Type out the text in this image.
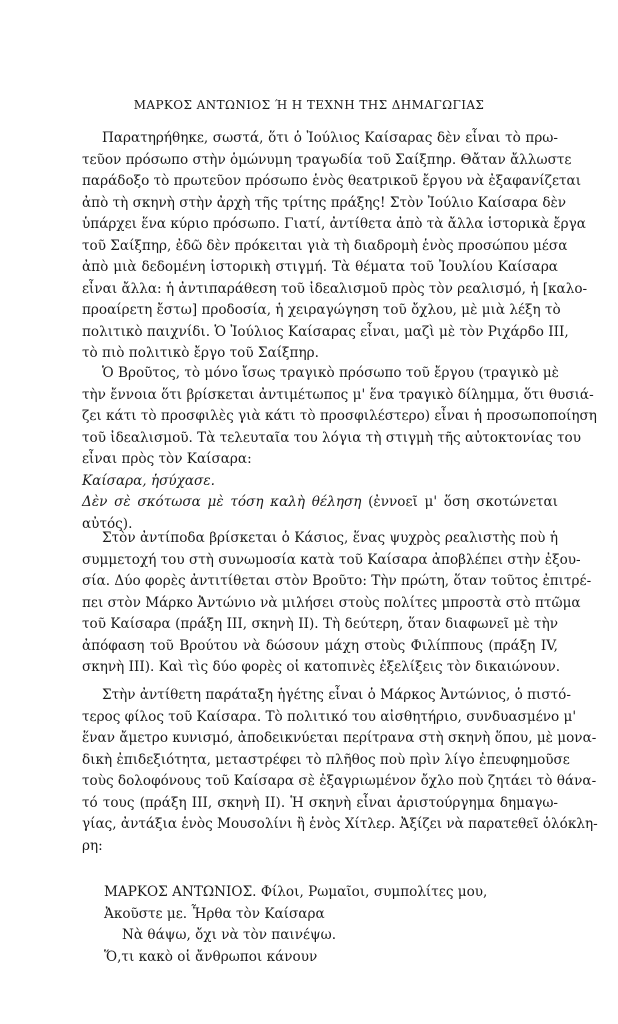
ΜΑΡΚΟΣ ΑΝΤΩΝΙΟΣ Ή Η ΤΕΧΝΗ ΤΗΣ ΔΗΜΑΓΩΓΙΑΣ
Παρατηρήθηκε, σωστά, ὅτι ὁ Ἰούλιος Καίσαρας δὲν εἶναι τὸ πρω-
τεῦον πρόσωπο στὴν ὁμώνυμη τραγωδία τοῦ Σαίξπηρ. Θἄταν ἄλλωστε
παράδοξο τὸ πρωτεῦον πρόσωπο ἑνὸς θεατρικοῦ ἔργου νὰ ἐξαφανίζεται
ἀπὸ τὴ σκηνὴ στὴν ἀρχὴ τῆς τρίτης πράξης! Στὸν Ἰούλιο Καίσαρα δὲν
ὑπάρχει ἕνα κύριο πρόσωπο. Γιατί, ἀντίθετα ἀπὸ τὰ ἄλλα ἱστορικὰ ἔργα
τοῦ Σαίξπηρ, ἐδῶ δὲν πρόκειται γιὰ τὴ διαδρομὴ ἑνὸς προσώπου μέσα
ἀπὸ μιὰ δεδομένη ἱστορικὴ στιγμή. Τὰ θέματα τοῦ Ἰουλίου Καίσαρα
εἶναι ἄλλα: ἡ ἀντιπαράθεση τοῦ ἰδεαλισμοῦ πρὸς τὸν ρεαλισμό, ἡ [καλο-
προαίρετη ἔστω] προδοσία, ἡ χειραγώγηση τοῦ ὄχλου, μὲ μιὰ λέξη τὸ
πολιτικὸ παιχνίδι. Ὁ Ἰούλιος Καίσαρας εἶναι, μαζὶ μὲ τὸν Ριχάρδο ΙΙΙ,
τὸ πιὸ πολιτικὸ ἔργο τοῦ Σαίξπηρ.
Ὁ Βροῦτος, τὸ μόνο ἴσως τραγικὸ πρόσωπο τοῦ ἔργου (τραγικὸ μὲ
τὴν ἔννοια ὅτι βρίσκεται ἀντιμέτωπος μ' ἕνα τραγικὸ δίλημμα, ὅτι θυσιά-
ζει κάτι τὸ προσφιλὲς γιὰ κάτι τὸ προσφιλέστερο) εἶναι ἡ προσωποποίηση
τοῦ ἰδεαλισμοῦ. Τὰ τελευταῖα του λόγια τὴ στιγμὴ τῆς αὐτοκτονίας του
εἶναι πρὸς τὸν Καίσαρα:
Καίσαρα, ἡσύχασε.
Δὲν σὲ σκότωσα μὲ τόση καλὴ θέληση (ἐννοεῖ μ' ὅση σκοτώνεται
αὐτός).
Στὸν ἀντίποδα βρίσκεται ὁ Κάσιος, ἕνας ψυχρὸς ρεαλιστὴς ποὺ ἡ
συμμετοχή του στὴ συνωμοσία κατὰ τοῦ Καίσαρα ἀποβλέπει στὴν ἐξου-
σία. Δύο φορὲς ἀντιτίθεται στὸν Βροῦτο: Τὴν πρώτη, ὅταν τοῦτος ἐπιτρέ-
πει στὸν Μάρκο Ἀντώνιο νὰ μιλήσει στοὺς πολίτες μπροστὰ στὸ πτῶμα
τοῦ Καίσαρα (πράξη ΙΙΙ, σκηνὴ ΙΙ). Τὴ δεύτερη, ὅταν διαφωνεῖ μὲ τὴν
ἀπόφαση τοῦ Βρούτου νὰ δώσουν μάχη στοὺς Φιλίππους (πράξη IV,
σκηνὴ III). Καὶ τὶς δύο φορὲς οἱ κατοπινὲς ἐξελίξεις τὸν δικαιώνουν.
Στὴν ἀντίθετη παράταξη ἡγέτης εἶναι ὁ Μάρκος Ἀντώνιος, ὁ πιστό-
τερος φίλος τοῦ Καίσαρα. Τὸ πολιτικό του αἰσθητήριο, συνδυασμένο μ'
ἕναν ἄμετρο κυνισμό, ἀποδεικνύεται περίτρανα στὴ σκηνὴ ὅπου, μὲ μονα-
δικὴ ἐπιδεξιότητα, μεταστρέφει τὸ πλῆθος ποὺ πρὶν λίγο ἐπευφημοῦσε
τοὺς δολοφόνους τοῦ Καίσαρα σὲ ἐξαγριωμένον ὄχλο ποὺ ζητάει τὸ θάνα-
τό τους (πράξη ΙΙΙ, σκηνὴ ΙΙ). Ἡ σκηνὴ εἶναι ἀριστούργημα δημαγω-
γίας, ἀντάξια ἑνὸς Μουσολίνι ἢ ἑνὸς Χίτλερ. Ἀξίζει νὰ παρατεθεῖ ὁλόκλη-
ρη:
ΜΑΡΚΟΣ ΑΝΤΩΝΙΟΣ. Φίλοι, Ρωμαῖοι, συμπολίτες μου,
Ἀκοῦστε με. Ἦρθα τὸν Καίσαρα
Νὰ θάψω, ὄχι νὰ τὸν παινέψω.
Ὅ,τι κακὸ οἱ ἄνθρωποι κάνουν
